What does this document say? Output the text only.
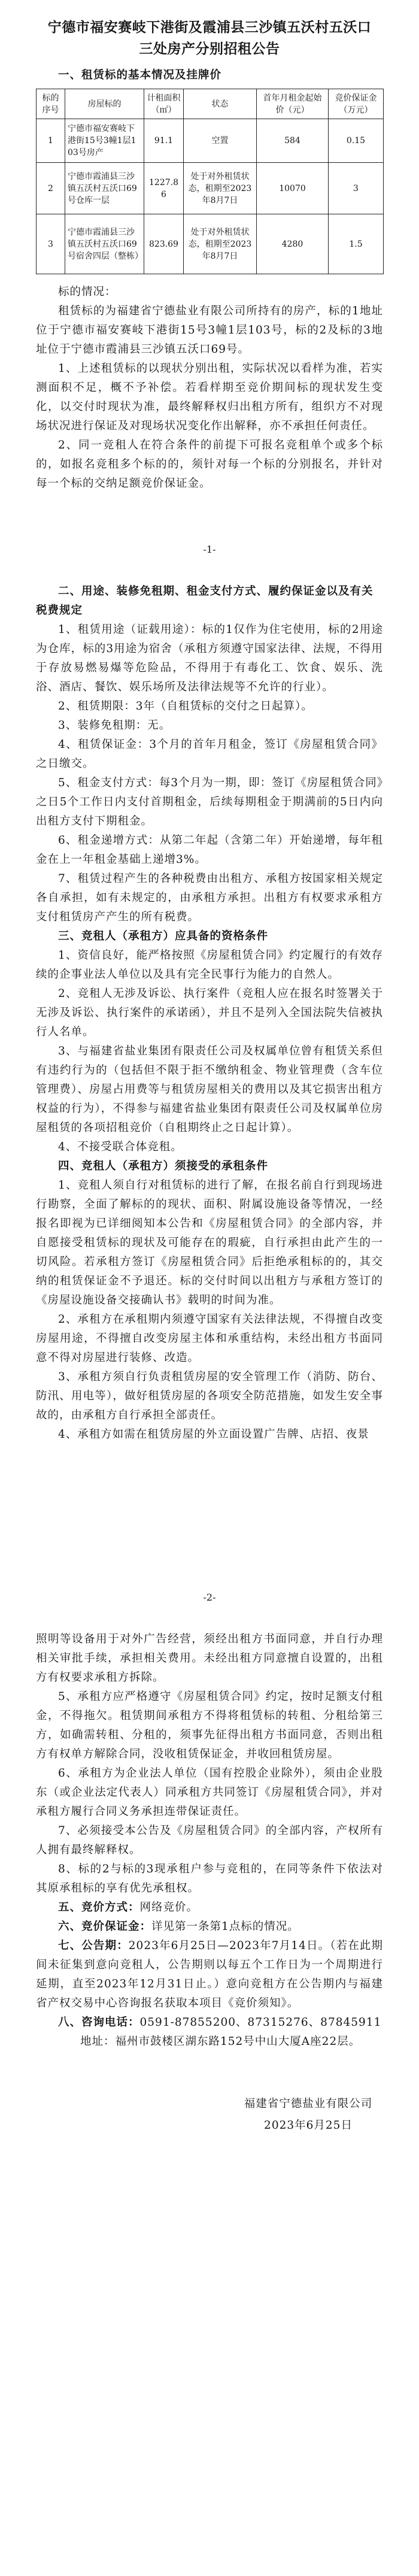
宁德市福安赛岐下港街及霞浦县三沙镇五沃村五沃口
三处房产分别招租公告
一、租赁标的基本情况及挂牌价
标的序号	房屋标的	计租面积（㎡）	状态	首年月租金起始价（元）	竞价保证金（万元）
1	宁德市福安赛岐下港街15号3幢1层103号房产	91.1	空置	584	0.15
2	宁德市霞浦县三沙镇五沃村五沃口69号仓库一层	1227.86	处于对外租赁状态，租期至2023年8月7日	10070	3
3	宁德市霞浦县三沙镇五沃村五沃口69号宿舍四层（整栋）	823.69	处于对外租赁状态，租期至2023年8月7日	4280	1.5

标的情况：

租赁标的为福建省宁德盐业有限公司所持有的房产，标的1地址位于宁德市福安赛岐下港街15号3幢1层103号，标的2及标的3地址位于宁德市霞浦县三沙镇五沃口69号。

1、上述租赁标的以现状分别出租，实际状况以看样为准，若实测面积不足，概不予补偿。若看样期至竞价期间标的现状发生变化，以交付时现状为准，最终解释权归出租方所有，组织方不对现场状况进行保证及对现场状况变化作出解释，亦不承担任何责任。

2、同一竞租人在符合条件的前提下可报名竞租单个或多个标的，如报名竞租多个标的的，须针对每一个标的分别报名，并针对每一个标的交纳足额竞价保证金。

-1-

二、用途、装修免租期、租金支付方式、履约保证金以及有关税费规定

1、租赁用途（证载用途）：标的1仅作为住宅使用，标的2用途为仓库，标的3用途为宿舍（承租方须遵守国家法律、法规，不得用于存放易燃易爆等危险品，不得用于有毒化工、饮食、娱乐、洗浴、酒店、餐饮、娱乐场所及法律法规等不允许的行业）。

2、租赁期限：3年（自租赁标的交付之日起算）。

3、装修免租期：无。

4、租赁保证金：3个月的首年月租金，签订《房屋租赁合同》之日缴交。

5、租金支付方式：每3个月为一期，即：签订《房屋租赁合同》之日5个工作日内支付首期租金，后续每期租金于期满前的5日内向出租方支付下期租金。

6、租金递增方式：从第二年起（含第二年）开始递增，每年租金在上一年租金基础上递增3%。

7、租赁过程产生的各种税费由出租方、承租方按国家相关规定各自承担，如有未规定的，由承租方承担。出租方有权要求承租方支付租赁房产产生的所有税费。

三、竞租人（承租方）应具备的资格条件

1、资信良好，能严格按照《房屋租赁合同》约定履行的有效存续的企事业法人单位以及具有完全民事行为能力的自然人。

2、竞租人无涉及诉讼、执行案件（竞租人应在报名时签署关于无涉及诉讼、执行案件的承诺函），并且不是列入全国法院失信被执行人名单。

3、与福建省盐业集团有限责任公司及权属单位曾有租赁关系但有违约行为的（包括但不限于拒不缴纳租金、物业管理费（含车位管理费）、房屋占用费等与租赁房屋相关的费用以及其它损害出租方权益的行为），不得参与福建省盐业集团有限责任公司及权属单位房屋租赁的各项招租竞价（自租期终止之日起计算）。

4、不接受联合体竞租。

四、竞租人（承租方）须接受的承租条件

1、竞租人须自行对租赁标的进行了解，在报名前自行到现场进行勘察，全面了解标的的现状、面积、附属设施设备等情况，一经报名即视为已详细阅知本公告和《房屋租赁合同》的全部内容，并自愿接受租赁标的现状及可能存在的瑕疵，自行承担由此产生的一切风险。若承租方签订《房屋租赁合同》后拒绝承租标的的，其交纳的租赁保证金不予退还。标的交付时间以出租方与承租方签订的《房屋设施设备交接确认书》载明的时间为准。

2、承租方在承租期内须遵守国家有关法律法规，不得擅自改变房屋用途，不得擅自改变房屋主体和承重结构，未经出租方书面同意不得对房屋进行装修、改造。

3、承租方须自行负责租赁房屋的安全管理工作（消防、防台、防汛、用电等），做好租赁房屋的各项安全防范措施，如发生安全事故的，由承租方自行承担全部责任。

4、承租方如需在租赁房屋的外立面设置广告牌、店招、夜景

-2-

照明等设备用于对外广告经营，须经出租方书面同意，并自行办理相关审批手续，承担相关费用。未经出租方同意擅自设置的，出租方有权要求承租方拆除。

5、承租方应严格遵守《房屋租赁合同》约定，按时足额支付租金，不得拖欠。租赁期间承租方不得将租赁标的转租、分租给第三方，如确需转租、分租的，须事先征得出租方书面同意，否则出租方有权单方解除合同，没收租赁保证金，并收回租赁房屋。

6、承租方为企业法人单位（国有控股企业除外），须由企业股东（或企业法定代表人）同承租方共同签订《房屋租赁合同》，并对承租方履行合同义务承担连带保证责任。

7、必须接受本公告及《房屋租赁合同》的全部内容，产权所有人拥有最终解释权。

8、标的2与标的3现承租户参与竞租的，在同等条件下依法对其原承租标的享有优先承租权。

五、竞价方式：网络竞价。

六、竞价保证金：详见第一条第1点标的情况。

七、公告期：2023年6月25日—2023年7月14日。（若在此期间未征集到意向竞租人，公告期则以每五个工作日为一个周期进行延期，直至2023年12月31日止。）意向竞租方在公告期内与福建省产权交易中心咨询报名获取本项目《竞价须知》。

八、咨询电话：0591-87855200、87315276、87845911

地址：福州市鼓楼区湖东路152号中山大厦A座22层。

福建省宁德盐业有限公司
2023年6月25日
